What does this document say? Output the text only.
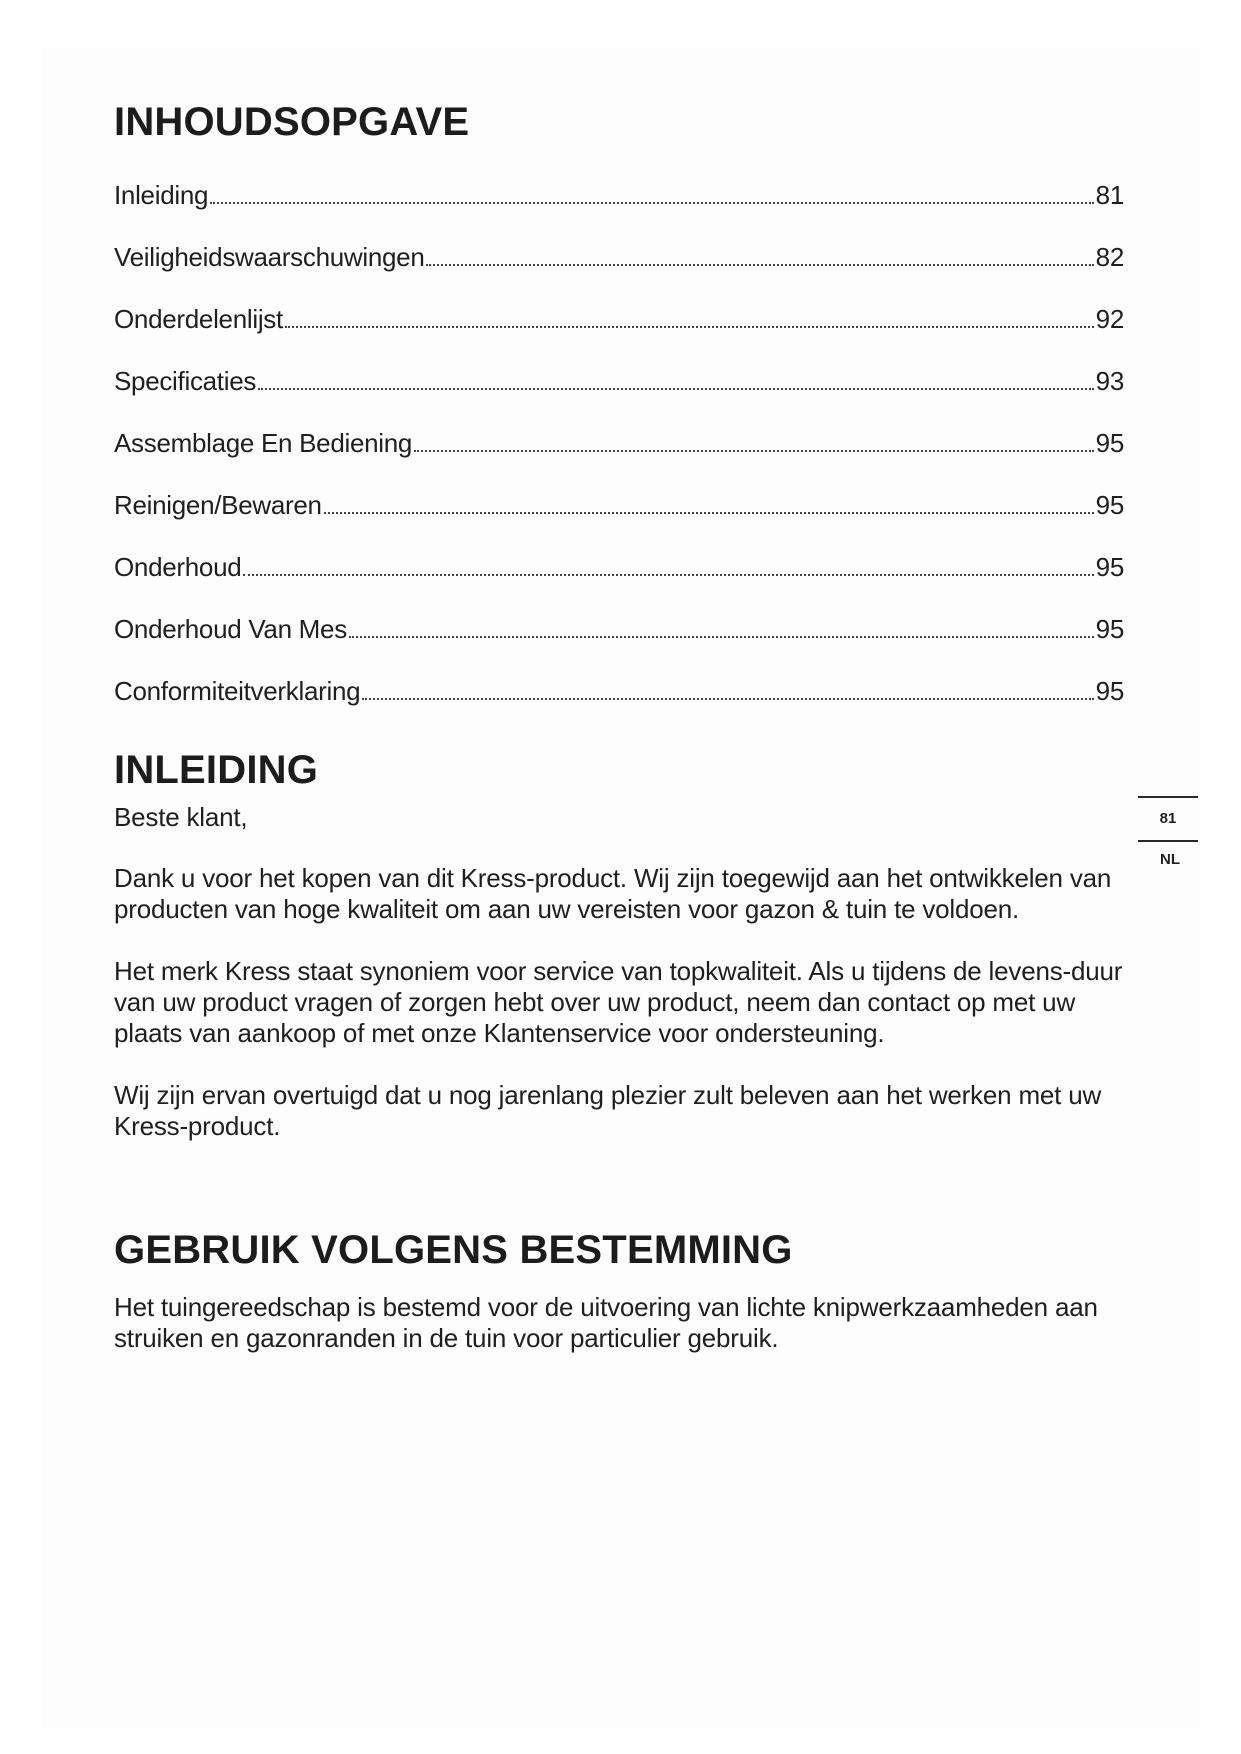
INHOUDSOPGAVE
Inleiding	81
Veiligheidswaarschuwingen	82
Onderdelenlijst	92
Specificaties	93
Assemblage En Bediening	95
Reinigen/Bewaren	95
Onderhoud	95
Onderhoud Van Mes	95
Conformiteitverklaring	95
INLEIDING

Beste klant,

Dank u voor het kopen van dit Kress-product. Wij zijn toegewijd aan het ontwikkelen van producten van hoge kwaliteit om aan uw vereisten voor gazon & tuin te voldoen.

Het merk Kress staat synoniem voor service van topkwaliteit. Als u tijdens de levens-duur van uw product vragen of zorgen hebt over uw product, neem dan contact op met uw plaats van aankoop of met onze Klantenservice voor ondersteuning.

Wij zijn ervan overtuigd dat u nog jarenlang plezier zult beleven aan het werken met uw Kress-product.

GEBRUIK VOLGENS BESTEMMING

Het tuingereedschap is bestemd voor de uitvoering van lichte knipwerkzaamheden aan struiken en gazonranden in de tuin voor particulier gebruik.

81
NL
